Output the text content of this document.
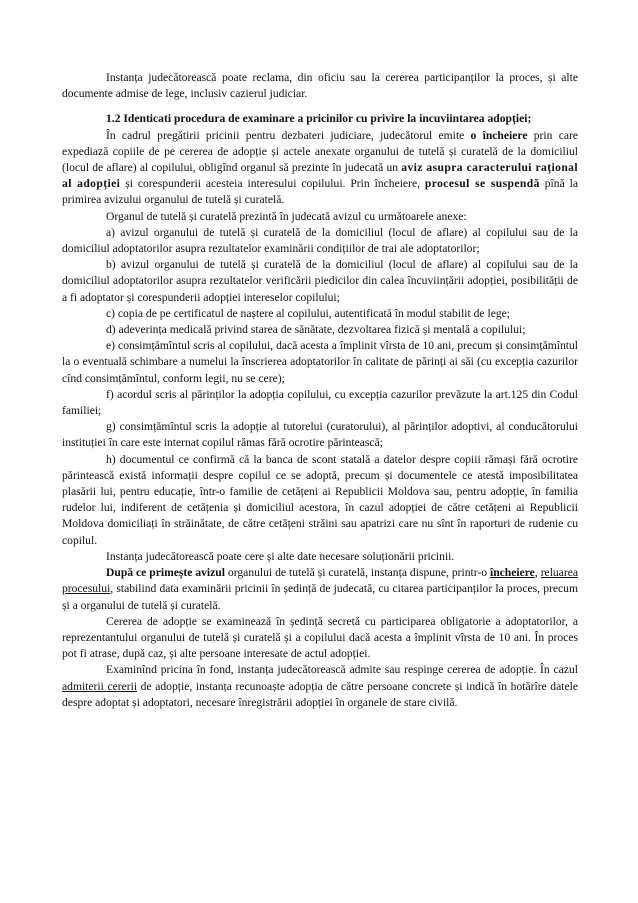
Instanța judecătorească poate reclama, din oficiu sau la cererea participanților la proces, și alte documente admise de lege, inclusiv cazierul judiciar.

1.2 Identicati procedura de examinare a pricinilor cu privire la incuviintarea adopției;

În cadrul pregătirii pricinii pentru dezbateri judiciare, judecătorul emite o încheiere prin care expediază copiile de pe cererea de adopție și actele anexate organului de tutelă și curatelă de la domiciliul (locul de aflare) al copilului, obligînd organul să prezinte în judecată un aviz asupra caracterului rațional al adopției și corespunderii acesteia interesului copilului. Prin încheiere, procesul se suspendă pînă la primirea avizului organului de tutelă și curatelă.

Organul de tutelă și curatelă prezintă în judecată avizul cu următoarele anexe:

a) avizul organului de tutelă și curatelă de la domiciliul (locul de aflare) al copilului sau de la domiciliul adoptatorilor asupra rezultatelor examinării condițiilor de trai ale adoptatorilor;

b) avizul organului de tutelă și curatelă de la domiciliul (locul de aflare) al copilului sau de la domiciliul adoptatorilor asupra rezultatelor verificării piedicilor din calea încuviințării adopției, posibilității de a fi adoptator și corespunderii adopției intereselor copilului;

c) copia de pe certificatul de naștere al copilului, autentificată în modul stabilit de lege;

d) adeverința medicală privind starea de sănătate, dezvoltarea fizică și mentală a copilului;

e) consimțămîntul scris al copilului, dacă acesta a împlinit vîrsta de 10 ani, precum și consimțămîntul la o eventuală schimbare a numelui la înscrierea adoptatorilor în calitate de părinți ai săi (cu excepția cazurilor cînd consimțămîntul, conform legii, nu se cere);

f) acordul scris al părinților la adopția copilului, cu excepția cazurilor prevăzute la art.125 din Codul familiei;

g) consimțămîntul scris la adopție al tutorelui (curatorului), al părinților adoptivi, al conducătorului instituției în care este internat copilul rămas fără ocrotire părintească;

h) documentul ce confirmă că la banca de scont statală a datelor despre copiii rămași fără ocrotire părintească există informații despre copilul ce se adoptă, precum și documentele ce atestă imposibilitatea plasării lui, pentru educație, într-o familie de cetățeni ai Republicii Moldova sau, pentru adopție, în familia rudelor lui, indiferent de cetățenia și domiciliul acestora, în cazul adopției de către cetățeni ai Republicii Moldova domiciliați în străinătate, de către cetățeni străini sau apatrizi care nu sînt în raporturi de rudenie cu copilul.

Instanța judecătorească poate cere și alte date necesare soluționării pricinii.

După ce primește avizul organului de tutelă și curatelă, instanța dispune, printr-o încheiere, reluarea procesului, stabilind data examinării pricinii în ședință de judecată, cu citarea participanților la proces, precum și a organului de tutelă și curatelă.

Cererea de adopție se examinează în ședință secretă cu participarea obligatorie a adoptatorilor, a reprezentantului organului de tutelă și curatelă și a copilului dacă acesta a împlinit vîrsta de 10 ani. În proces pot fi atrase, după caz, și alte persoane interesate de actul adopției.

Examinînd pricina în fond, instanța judecătorească admite sau respinge cererea de adopție. În cazul admiterii cererii de adopție, instanța recunoaște adopția de către persoane concrete și indică în hotărîre datele despre adoptat și adoptatori, necesare înregistrării adopției în organele de stare civilă.
